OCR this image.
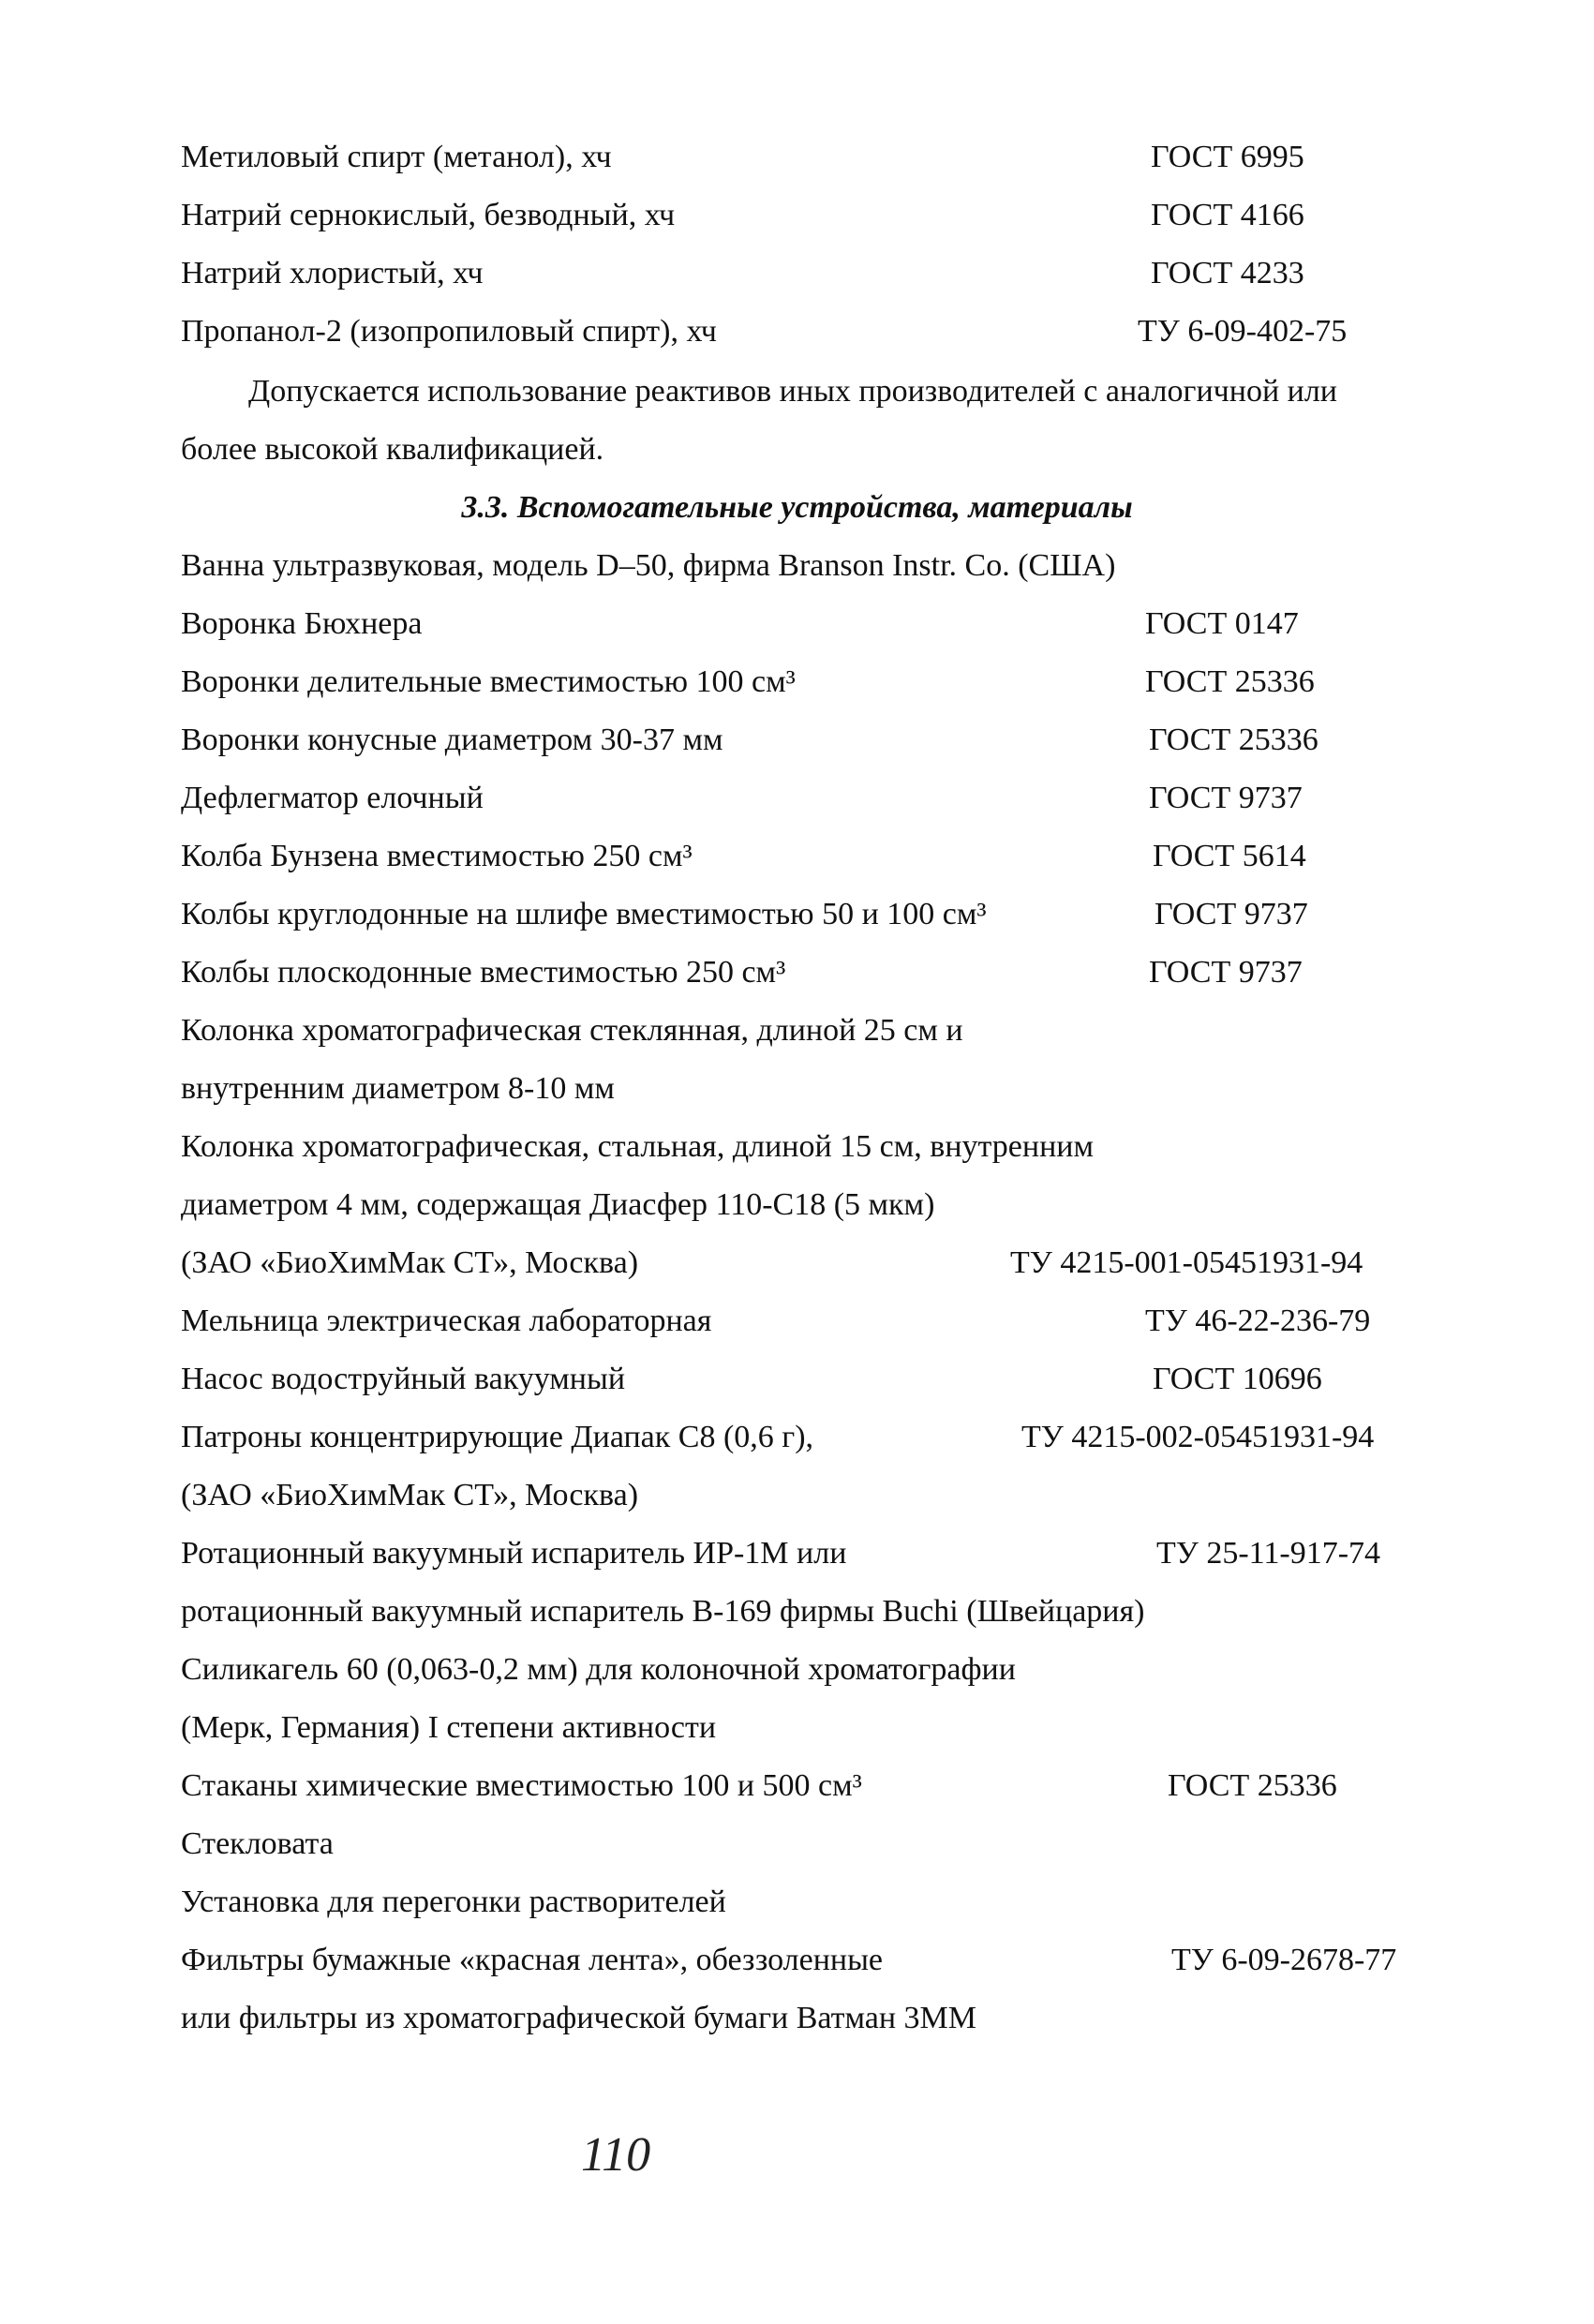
Метиловый спирт (метанол), хч	ГОСТ 6995
Натрий сернокислый, безводный, хч	ГОСТ 4166
Натрий хлористый, хч	ГОСТ 4233
Пропанол-2 (изопропиловый спирт), хч	ТУ 6-09-402-75
Допускается использование реактивов иных производителей с аналогичной или
более высокой квалификацией.
3.3. Вспомогательные устройства, материалы
Ванна ультразвуковая, модель D–50, фирма Branson Instr. Co. (США)
Воронка Бюхнера	ГОСТ 0147
Воронки делительные вместимостью 100 см³	ГОСТ 25336
Воронки конусные диаметром 30-37 мм	ГОСТ 25336
Дефлегматор елочный	ГОСТ 9737
Колба Бунзена вместимостью 250 см³	ГОСТ 5614
Колбы круглодонные на шлифе вместимостью 50 и 100 см³	ГОСТ 9737
Колбы плоскодонные вместимостью 250 см³	ГОСТ 9737
Колонка хроматографическая стеклянная, длиной 25 см и
внутренним диаметром 8-10 мм
Колонка хроматографическая, стальная, длиной 15 см, внутренним
диаметром 4 мм, содержащая Диасфер 110-С18 (5 мкм)
(ЗАО «БиоХимМак СТ», Москва)	ТУ 4215-001-05451931-94
Мельница электрическая лабораторная	ТУ 46-22-236-79
Насос водоструйный вакуумный	ГОСТ 10696
Патроны концентрирующие Диапак С8 (0,6 г),	ТУ 4215-002-05451931-94
(ЗАО «БиоХимМак СТ», Москва)
Ротационный вакуумный испаритель ИР-1М или	ТУ 25-11-917-74
ротационный вакуумный испаритель В-169 фирмы Buchi (Швейцария)
Силикагель 60 (0,063-0,2 мм) для колоночной хроматографии
(Мерк, Германия) I степени активности
Стаканы химические вместимостью 100 и 500 см³	ГОСТ 25336
Стекловата
Установка для перегонки растворителей
Фильтры бумажные «красная лента», обеззоленные	ТУ 6-09-2678-77
или фильтры из хроматографической бумаги Ватман 3ММ
110
